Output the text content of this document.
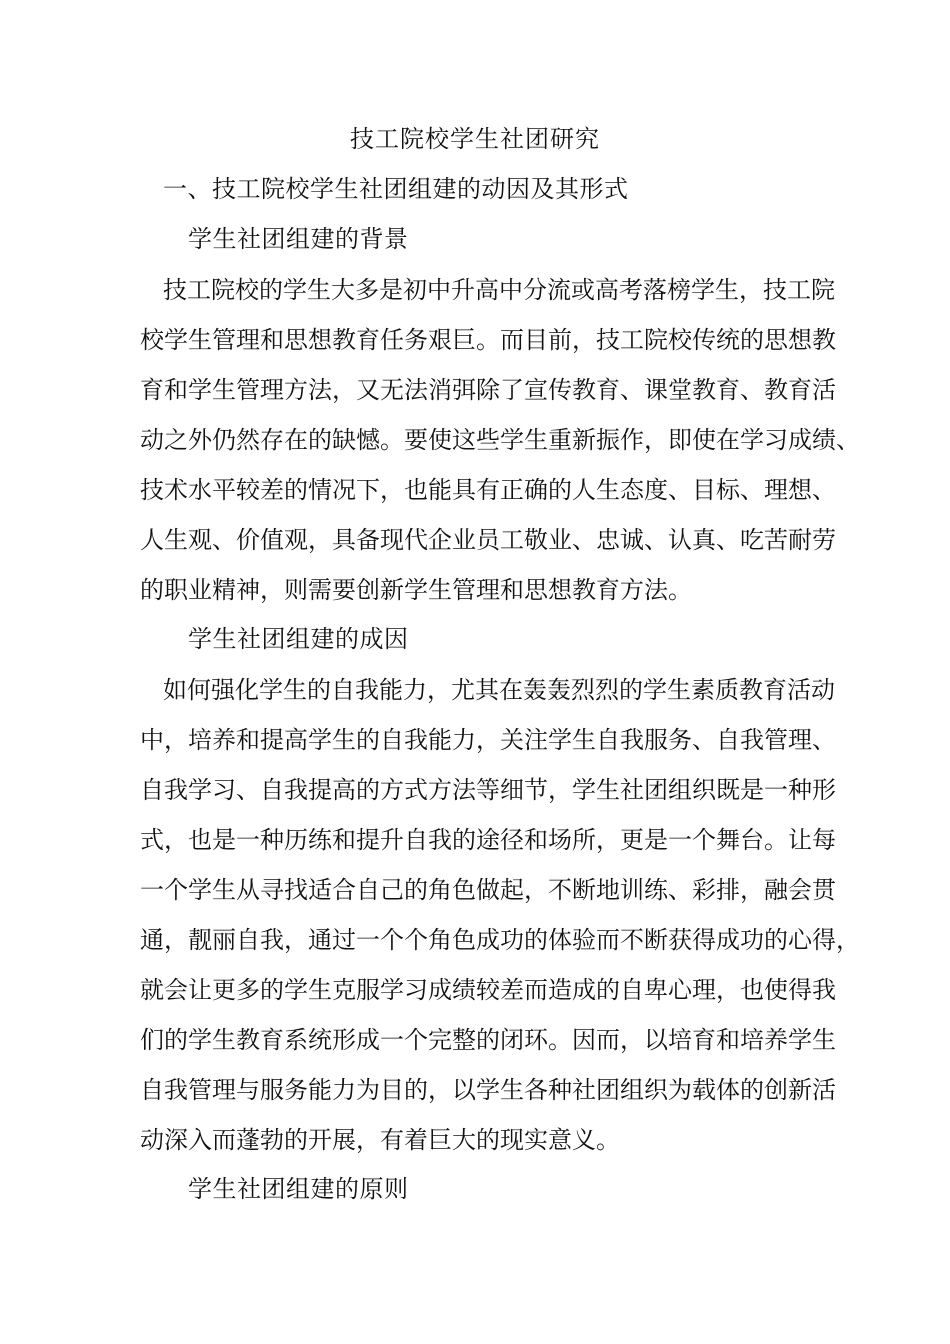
技工院校学生社团研究
一、技工院校学生社团组建的动因及其形式
学生社团组建的背景
技工院校的学生大多是初中升高中分流或高考落榜学生，技工院
校学生管理和思想教育任务艰巨。而目前，技工院校传统的思想教
育和学生管理方法，又无法消弭除了宣传教育、课堂教育、教育活
动之外仍然存在的缺憾。要使这些学生重新振作，即使在学习成绩、
技术水平较差的情况下，也能具有正确的人生态度、目标、理想、
人生观、价值观，具备现代企业员工敬业、忠诚、认真、吃苦耐劳
的职业精神，则需要创新学生管理和思想教育方法。
学生社团组建的成因
如何强化学生的自我能力，尤其在轰轰烈烈的学生素质教育活动
中，培养和提高学生的自我能力，关注学生自我服务、自我管理、
自我学习、自我提高的方式方法等细节，学生社团组织既是一种形
式，也是一种历练和提升自我的途径和场所，更是一个舞台。让每
一个学生从寻找适合自己的角色做起，不断地训练、彩排，融会贯
通，靓丽自我，通过一个个角色成功的体验而不断获得成功的心得，
就会让更多的学生克服学习成绩较差而造成的自卑心理，也使得我
们的学生教育系统形成一个完整的闭环。因而，以培育和培养学生
自我管理与服务能力为目的，以学生各种社团组织为载体的创新活
动深入而蓬勃的开展，有着巨大的现实意义。
学生社团组建的原则
